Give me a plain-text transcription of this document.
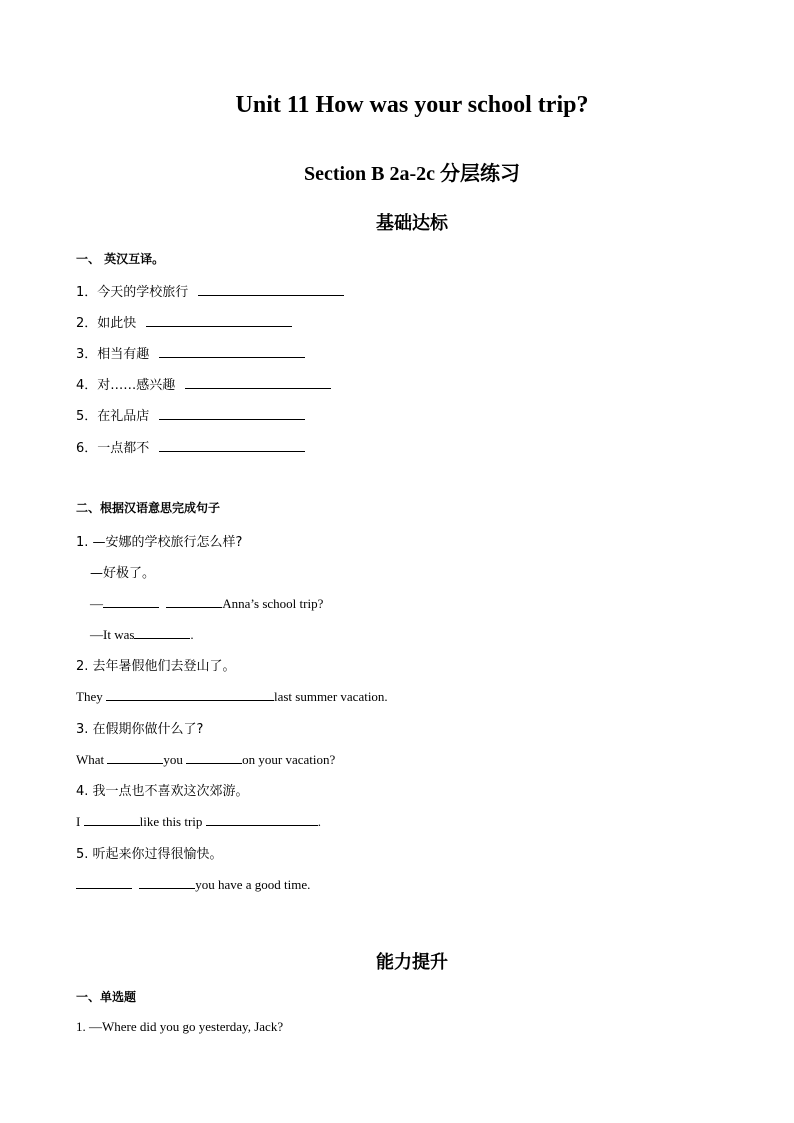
Unit 11 How was your school trip?
Section B 2a-2c 分层练习
基础达标
一、 英汉互译。
1．今天的学校旅行
2．如此快
3．相当有趣
4．对……感兴趣
5．在礼品店
6．一点都不
二、根据汉语意思完成句子
1. —安娜的学校旅行怎么样?
—好极了。
—	Anna’s school trip?
—It was	.
2. 去年暑假他们去登山了。
They	last summer vacation.
3. 在假期你做什么了?
What	you	on your vacation?
4. 我一点也不喜欢这次郊游。
I	like this trip	.
5. 听起来你过得很愉快。
you have a good time.
能力提升
一、单选题
1. —Where did you go yesterday, Jack?
